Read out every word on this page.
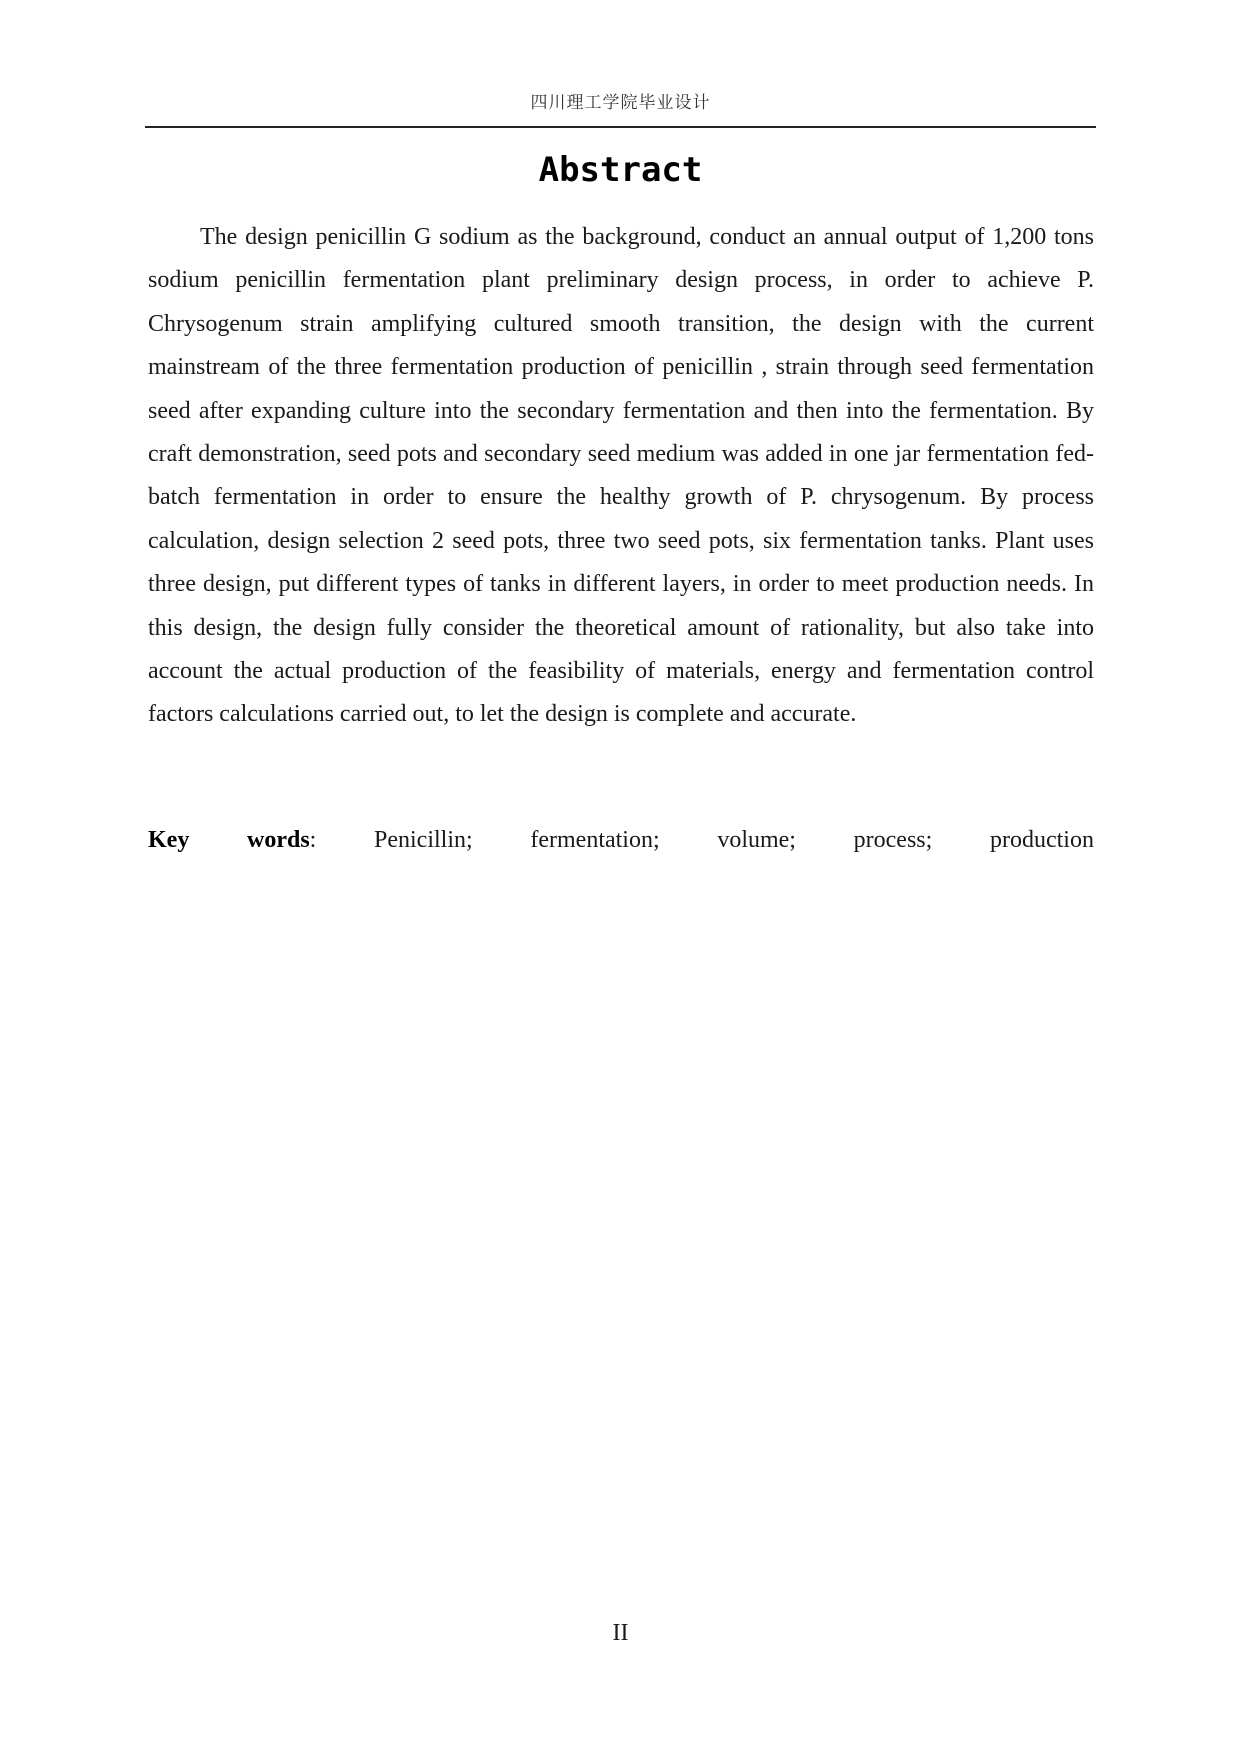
四川理工学院毕业设计
Abstract

The design penicillin G sodium as the background, conduct an annual output of 1,200 tons sodium penicillin fermentation plant preliminary design process, in order to achieve P. Chrysogenum strain amplifying cultured smooth transition, the design with the current mainstream of the three fermentation production of penicillin , strain through seed fermentation seed after expanding culture into the secondary fermentation and then into the fermentation. By craft demonstration, seed pots and secondary seed medium was added in one jar fermentation fed-batch fermentation in order to ensure the healthy growth of P. chrysogenum. By process calculation, design selection 2 seed pots, three two seed pots, six fermentation tanks. Plant uses three design, put different types of tanks in different layers, in order to meet production needs. In this design, the design fully consider the theoretical amount of rationality, but also take into account the actual production of the feasibility of materials, energy and fermentation control factors calculations carried out, to let the design is complete and accurate.

Key words: Penicillin; fermentation; volume; process; production

II
